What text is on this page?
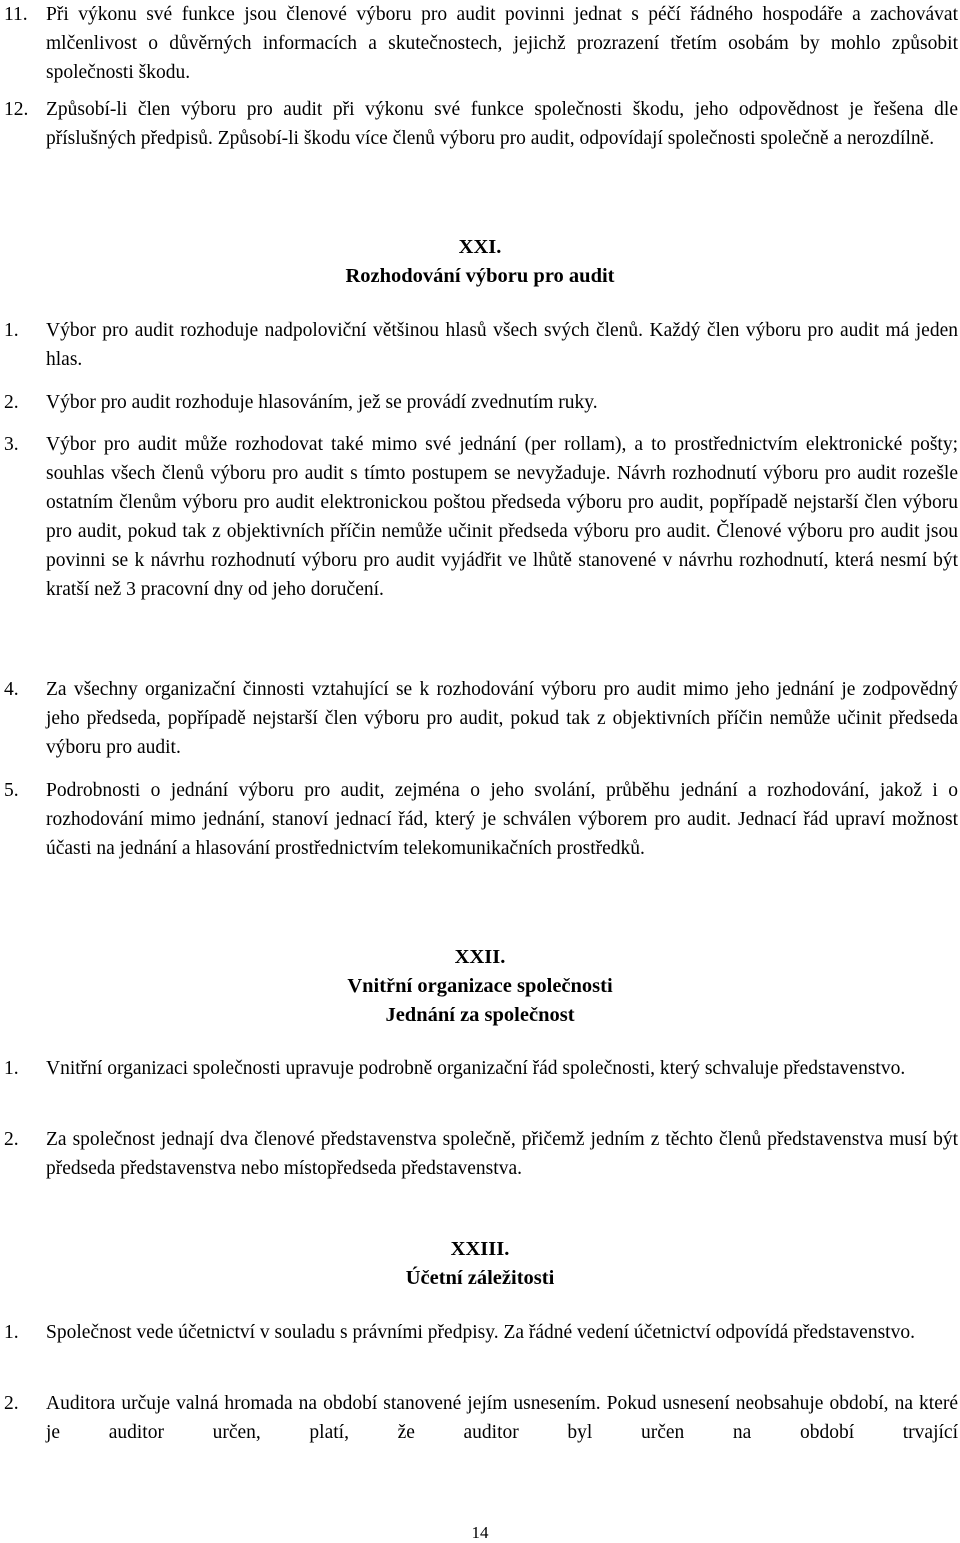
11. Při výkonu své funkce jsou členové výboru pro audit povinni jednat s péčí řádného hospodáře a zachovávat mlčenlivost o důvěrných informacích a skutečnostech, jejichž prozrazení třetím osobám by mohlo způsobit společnosti škodu.
12. Způsobí-li člen výboru pro audit při výkonu své funkce společnosti škodu, jeho odpovědnost je řešena dle příslušných předpisů. Způsobí-li škodu více členů výboru pro audit, odpovídají společnosti společně a nerozdílně.
XXI.
Rozhodování výboru pro audit
1. Výbor pro audit rozhoduje nadpoloviční většinou hlasů všech svých členů. Každý člen výboru pro audit má jeden hlas.
2. Výbor pro audit rozhoduje hlasováním, jež se provádí zvednutím ruky.
3. Výbor pro audit může rozhodovat také mimo své jednání (per rollam), a to prostřednictvím elektronické pošty; souhlas všech členů výboru pro audit s tímto postupem se nevyžaduje. Návrh rozhodnutí výboru pro audit rozešle ostatním členům výboru pro audit elektronickou poštou předseda výboru pro audit, popřípadě nejstarší člen výboru pro audit, pokud tak z objektivních příčin nemůže učinit předseda výboru pro audit. Členové výboru pro audit jsou povinni se k návrhu rozhodnutí výboru pro audit vyjádřit ve lhůtě stanovené v návrhu rozhodnutí, která nesmí být kratší než 3 pracovní dny od jeho doručení.
4. Za všechny organizační činnosti vztahující se k rozhodování výboru pro audit mimo jeho jednání je zodpovědný jeho předseda, popřípadě nejstarší člen výboru pro audit, pokud tak z objektivních příčin nemůže učinit předseda výboru pro audit.
5. Podrobnosti o jednání výboru pro audit, zejména o jeho svolání, průběhu jednání a rozhodování, jakož i o rozhodování mimo jednání, stanoví jednací řád, který je schválen výborem pro audit. Jednací řád upraví možnost účasti na jednání a hlasování prostřednictvím telekomunikačních prostředků.
XXII.
Vnitřní organizace společnosti
Jednání za společnost
1. Vnitřní organizaci společnosti upravuje podrobně organizační řád společnosti, který schvaluje představenstvo.
2. Za společnost jednají dva členové představenstva společně, přičemž jedním z těchto členů představenstva musí být předseda představenstva nebo místopředseda představenstva.
XXIII.
Účetní záležitosti
1. Společnost vede účetnictví v souladu s právními předpisy. Za řádné vedení účetnictví odpovídá představenstvo.
2. Auditora určuje valná hromada na období stanovené jejím usnesením. Pokud usnesení neobsahuje období, na které je auditor určen, platí, že auditor byl určen na období trvající
14
